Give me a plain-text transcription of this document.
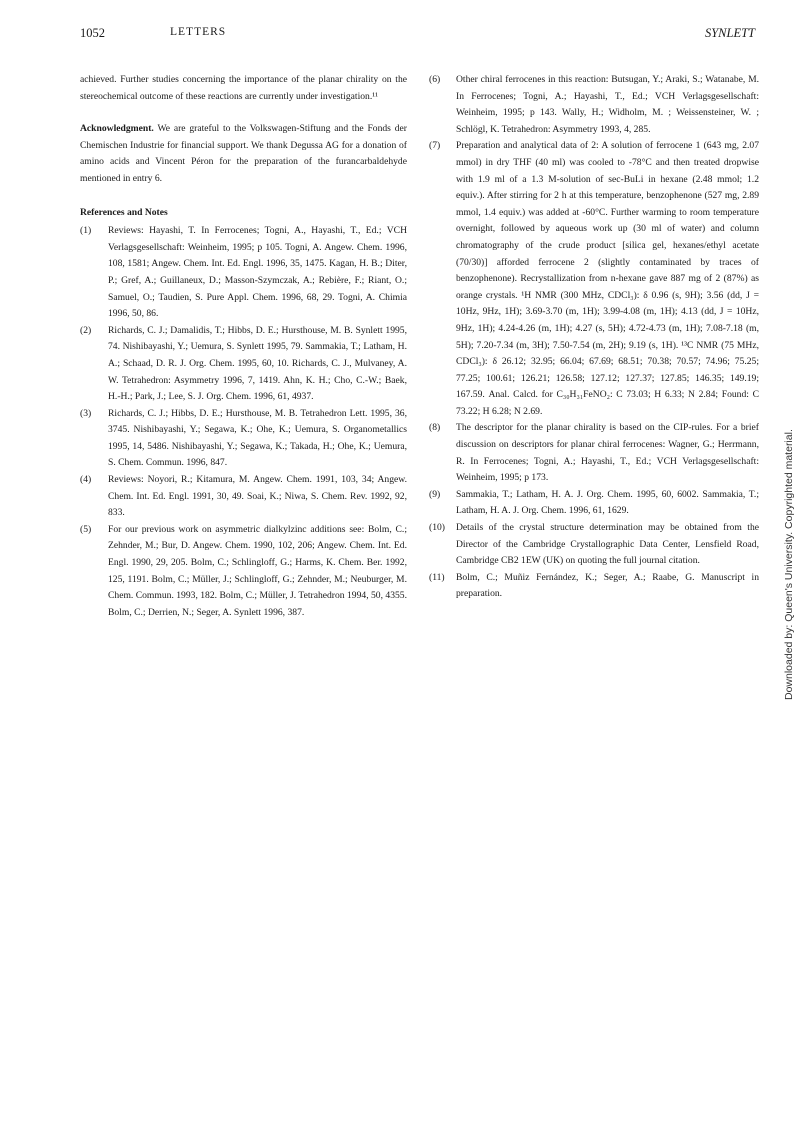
1052	LETTERS	SYNLETT

achieved. Further studies concerning the importance of the planar chirality on the stereochemical outcome of these reactions are currently under investigation.¹¹

Acknowledgment. We are grateful to the Volkswagen-Stiftung and the Fonds der Chemischen Industrie for financial support. We thank Degussa AG for a donation of amino acids and Vincent Péron for the preparation of the furancarbaldehyde mentioned in entry 6.

References and Notes
(1)	Reviews: Hayashi, T. In Ferrocenes; Togni, A., Hayashi, T., Ed.; VCH Verlagsgesellschaft: Weinheim, 1995; p 105. Togni, A. Angew. Chem. 1996, 108, 1581; Angew. Chem. Int. Ed. Engl. 1996, 35, 1475. Kagan, H. B.; Diter, P.; Gref, A.; Guillaneux, D.; Masson-Szymczak, A.; Rebière, F.; Riant, O.; Samuel, O.; Taudien, S. Pure Appl. Chem. 1996, 68, 29. Togni, A. Chimia 1996, 50, 86.
(2)	Richards, C. J.; Damalidis, T.; Hibbs, D. E.; Hursthouse, M. B. Synlett 1995, 74. Nishibayashi, Y.; Uemura, S. Synlett 1995, 79. Sammakia, T.; Latham, H. A.; Schaad, D. R. J. Org. Chem. 1995, 60, 10. Richards, C. J., Mulvaney, A. W. Tetrahedron: Asymmetry 1996, 7, 1419. Ahn, K. H.; Cho, C.-W.; Baek, H.-H.; Park, J.; Lee, S. J. Org. Chem. 1996, 61, 4937.
(3)	Richards, C. J.; Hibbs, D. E.; Hursthouse, M. B. Tetrahedron Lett. 1995, 36, 3745. Nishibayashi, Y.; Segawa, K.; Ohe, K.; Uemura, S. Organometallics 1995, 14, 5486. Nishibayashi, Y.; Segawa, K.; Takada, H.; Ohe, K.; Uemura, S. Chem. Commun. 1996, 847.
(4)	Reviews: Noyori, R.; Kitamura, M. Angew. Chem. 1991, 103, 34; Angew. Chem. Int. Ed. Engl. 1991, 30, 49. Soai, K.; Niwa, S. Chem. Rev. 1992, 92, 833.
(5)	For our previous work on asymmetric dialkylzinc additions see: Bolm, C.; Zehnder, M.; Bur, D. Angew. Chem. 1990, 102, 206; Angew. Chem. Int. Ed. Engl. 1990, 29, 205. Bolm, C.; Schlingloff, G.; Harms, K. Chem. Ber. 1992, 125, 1191. Bolm, C.; Müller, J.; Schlingloff, G.; Zehnder, M.; Neuburger, M. Chem. Commun. 1993, 182. Bolm, C.; Müller, J. Tetrahedron 1994, 50, 4355. Bolm, C.; Derrien, N.; Seger, A. Synlett 1996, 387.
(6)	Other chiral ferrocenes in this reaction: Butsugan, Y.; Araki, S.; Watanabe, M. In Ferrocenes; Togni, A.; Hayashi, T., Ed.; VCH Verlagsgesellschaft: Weinheim, 1995; p 143. Wally, H.; Widholm, M. ; Weissensteiner, W. ; Schlögl, K. Tetrahedron: Asymmetry 1993, 4, 285.
(7)	Preparation and analytical data of 2: A solution of ferrocene 1 (643 mg, 2.07 mmol) in dry THF (40 ml) was cooled to -78°C and then treated dropwise with 1.9 ml of a 1.3 M-solution of sec-BuLi in hexane (2.48 mmol; 1.2 equiv.). After stirring for 2 h at this temperature, benzophenone (527 mg, 2.89 mmol, 1.4 equiv.) was added at -60°C. Further warming to room temperature overnight, followed by aqueous work up (30 ml of water) and column chromatography of the crude product [silica gel, hexanes/ethyl acetate (70/30)] afforded ferrocene 2 (slightly contaminated by traces of benzophenone). Recrystallization from n-hexane gave 887 mg of 2 (87%) as orange crystals. ¹H NMR (300 MHz, CDCl₃): δ 0.96 (s, 9H); 3.56 (dd, J = 10Hz, 9Hz, 1H); 3.69-3.70 (m, 1H); 3.99-4.08 (m, 1H); 4.13 (dd, J = 10Hz, 9Hz, 1H); 4.24-4.26 (m, 1H); 4.27 (s, 5H); 4.72-4.73 (m, 1H); 7.08-7.18 (m, 5H); 7.20-7.34 (m, 3H); 7.50-7.54 (m, 2H); 9.19 (s, 1H). ¹³C NMR (75 MHz, CDCl₃): δ 26.12; 32.95; 66.04; 67.69; 68.51; 70.38; 70.57; 74.96; 75.25; 77.25; 100.61; 126.21; 126.58; 127.12; 127.37; 127.85; 146.35; 149.19; 167.59. Anal. Calcd. for C₃₀H₃₁FeNO₂: C 73.03; H 6.33; N 2.84; Found: C 73.22; H 6.28; N 2.69.
(8)	The descriptor for the planar chirality is based on the CIP-rules. For a brief discussion on descriptors for planar chiral ferrocenes: Wagner, G.; Herrmann, R. In Ferrocenes; Togni, A.; Hayashi, T., Ed.; VCH Verlagsgesellschaft: Weinheim, 1995; p 173.
(9)	Sammakia, T.; Latham, H. A. J. Org. Chem. 1995, 60, 6002. Sammakia, T.; Latham, H. A. J. Org. Chem. 1996, 61, 1629.
(10)	Details of the crystal structure determination may be obtained from the Director of the Cambridge Crystallographic Data Center, Lensfield Road, Cambridge CB2 1EW (UK) on quoting the full journal citation.
(11)	Bolm, C.; Muñiz Fernández, K.; Seger, A.; Raabe, G. Manuscript in preparation.	Downloaded by: Queen's University. Copyrighted material.
